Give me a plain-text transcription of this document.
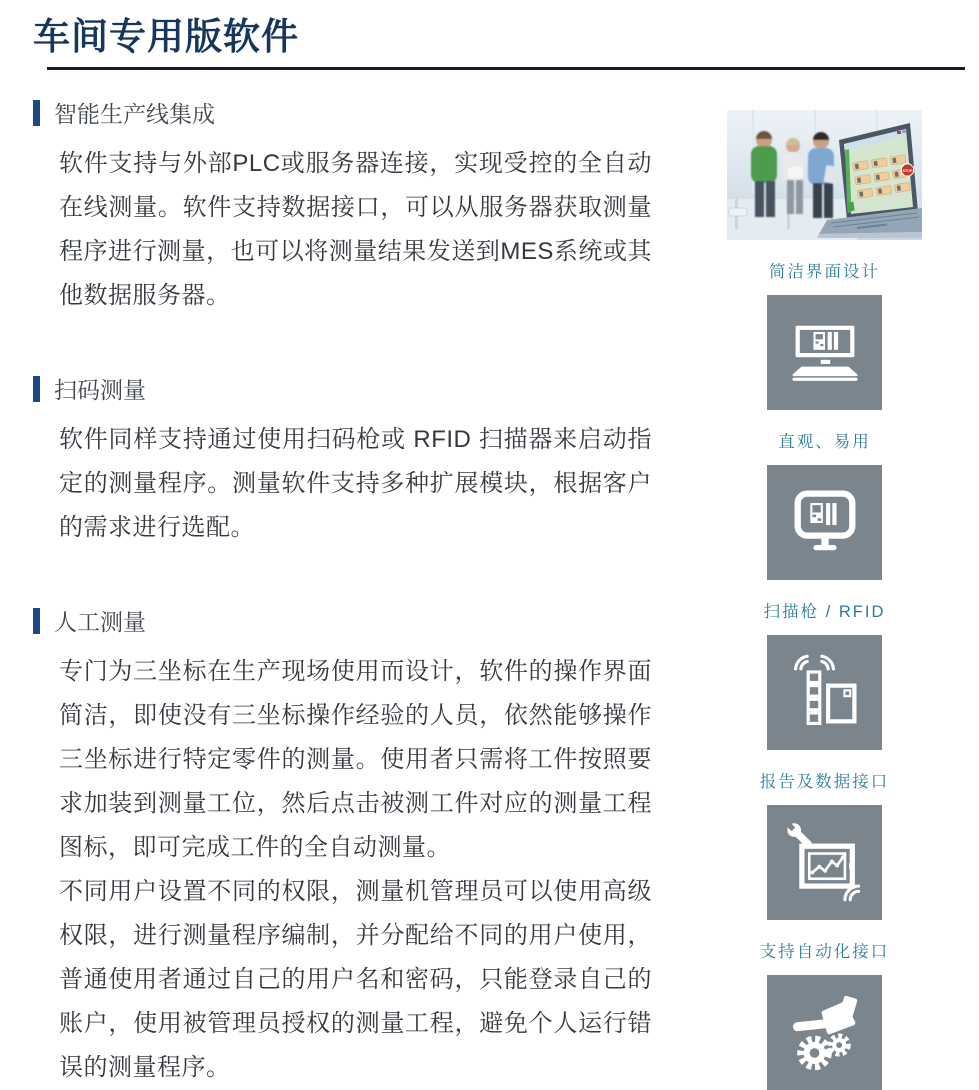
车间专用版软件
智能生产线集成

软件支持与外部PLC或服务器连接，实现受控的全自动在线测量。软件支持数据接口，可以从服务器获取测量程序进行测量，也可以将测量结果发送到MES系统或其他数据服务器。

扫码测量

软件同样支持通过使用扫码枪或 RFID 扫描器来启动指定的测量程序。测量软件支持多种扩展模块，根据客户的需求进行选配。

人工测量

专门为三坐标在生产现场使用而设计，软件的操作界面简洁，即使没有三坐标操作经验的人员，依然能够操作三坐标进行特定零件的测量。使用者只需将工件按照要求加装到测量工位，然后点击被测工件对应的测量工程图标，即可完成工件的全自动测量。

不同用户设置不同的权限，测量机管理员可以使用高级权限，进行测量程序编制，并分配给不同的用户使用，普通使用者通过自己的用户名和密码，只能登录自己的账户，使用被管理员授权的测量工程，避免个人运行错误的测量程序。

STOP
简洁界面设计
直观、易用
扫描枪 / RFID
报告及数据接口
支持自动化接口
